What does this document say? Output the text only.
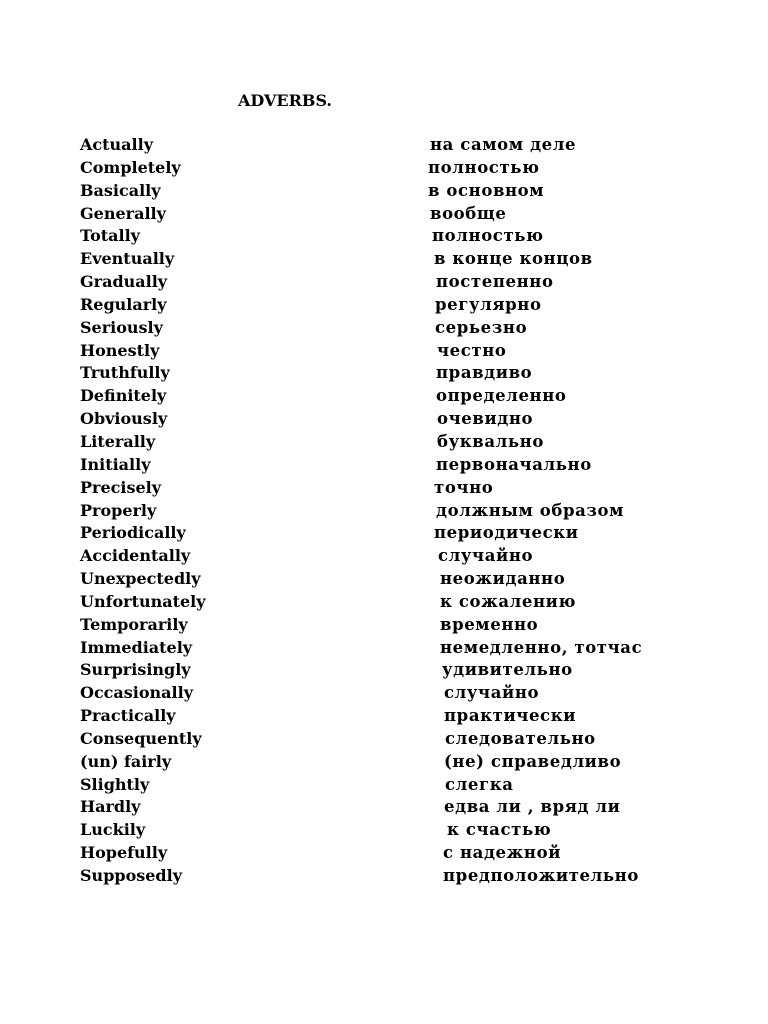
ADVERBS.
Actually	на самом деле
Completely	полностью
Basically	в основном
Generally	вообще
Totally	полностью
Eventually	в конце концов
Gradually	постепенно
Regularly	регулярно
Seriously	серьезно
Honestly	честно
Truthfully	правдиво
Definitely	определенно
Obviously	очевидно
Literally	буквально
Initially	первоначально
Precisely	точно
Properly	должным образом
Periodically	периодически
Accidentally	случайно
Unexpectedly	неожиданно
Unfortunately	к сожалению
Temporarily	временно
Immediately	немедленно, тотчас
Surprisingly	удивительно
Occasionally	случайно
Practically	практически
Consequently	следовательно
(un) fairly	(не) справедливо
Slightly	слегка
Hardly	едва ли , вряд ли
Luckily	к счастью
Hopefully	с надежной
Supposedly	предположительно
